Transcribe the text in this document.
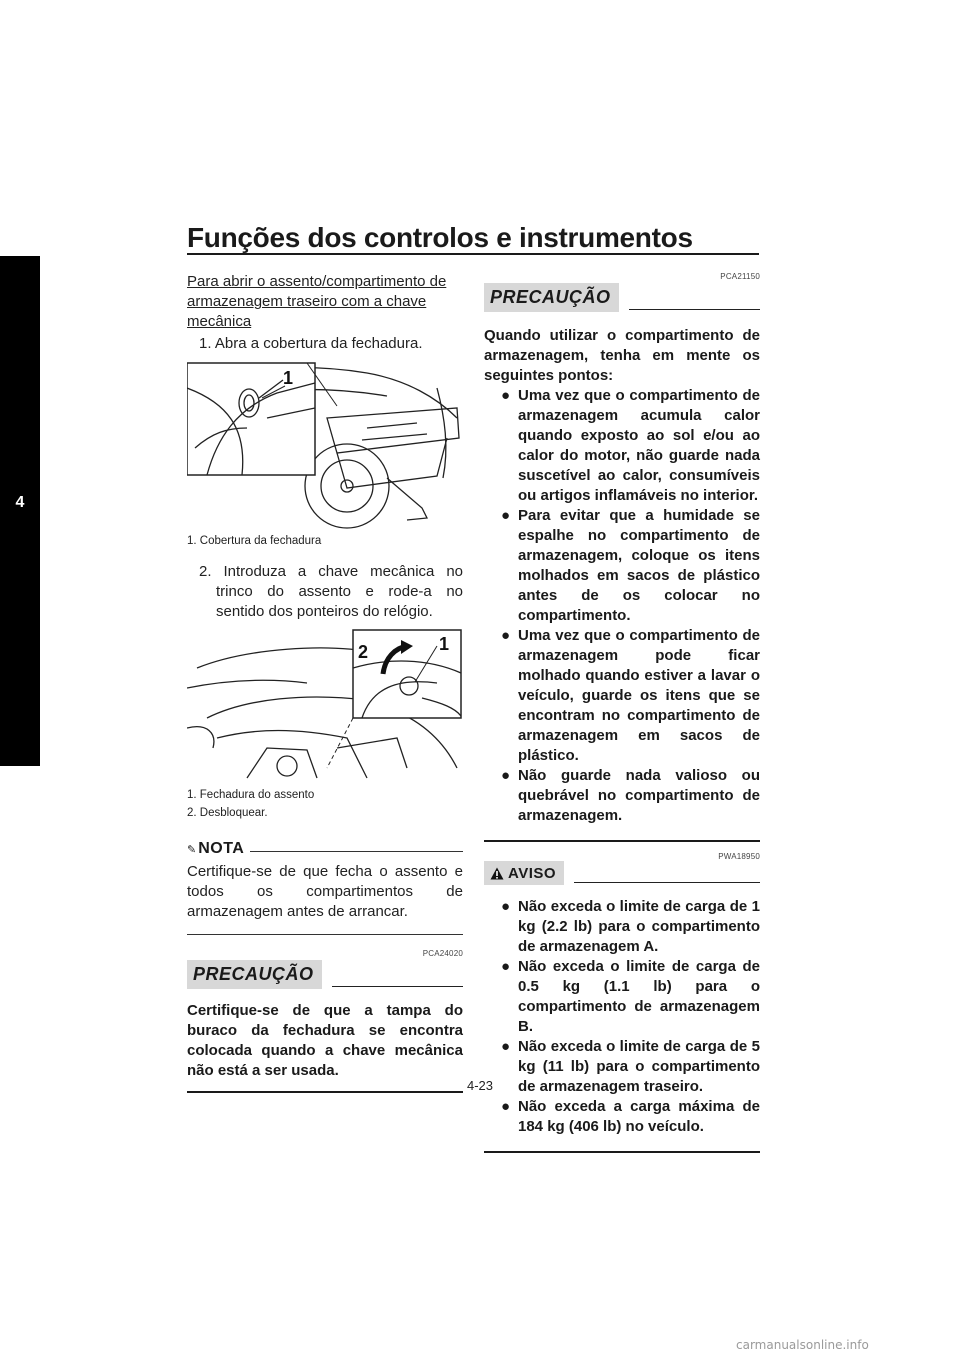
Funções dos controlos e instrumentos
4
Para abrir o assento/compartimento de armazenagem traseiro com a chave mecânica
1. Abra a cobertura da fechadura.
1
1. Cobertura da fechadura
2. Introduza a chave mecânica no trinco do assento e rode-a no sentido dos ponteiros do relógio.
2	1
1. Fechadura do assento
2. Desbloquear.
✎ NOTA
Certifique-se de que fecha o assento e todos os compartimentos de armazenagem antes de arrancar.
PCA24020
PRECAUÇÃO
Certifique-se de que a tampa do buraco da fechadura se encontra colocada quando a chave mecânica não está a ser usada.
PCA21150
PRECAUÇÃO
Quando utilizar o compartimento de armazenagem, tenha em mente os seguintes pontos:
● Uma vez que o compartimento de armazenagem acumula calor quando exposto ao sol e/ou ao calor do motor, não guarde nada suscetível ao calor, consumíveis ou artigos inflamáveis no interior.
● Para evitar que a humidade se espalhe no compartimento de armazenagem, coloque os itens molhados em sacos de plástico antes de os colocar no compartimento.
● Uma vez que o compartimento de armazenagem pode ficar molhado quando estiver a lavar o veículo, guarde os itens que se encontram no compartimento de armazenagem em sacos de plástico.
● Não guarde nada valioso ou quebrável no compartimento de armazenagem.
PWA18950
AVISO
● Não exceda o limite de carga de 1 kg (2.2 lb) para o compartimento de armazenagem A.
● Não exceda o limite de carga de 0.5 kg (1.1 lb) para o compartimento de armazenagem B.
● Não exceda o limite de carga de 5 kg (11 lb) para o compartimento de armazenagem traseiro.
● Não exceda a carga máxima de 184 kg (406 lb) no veículo.
4-23
carmanualsonline.info
